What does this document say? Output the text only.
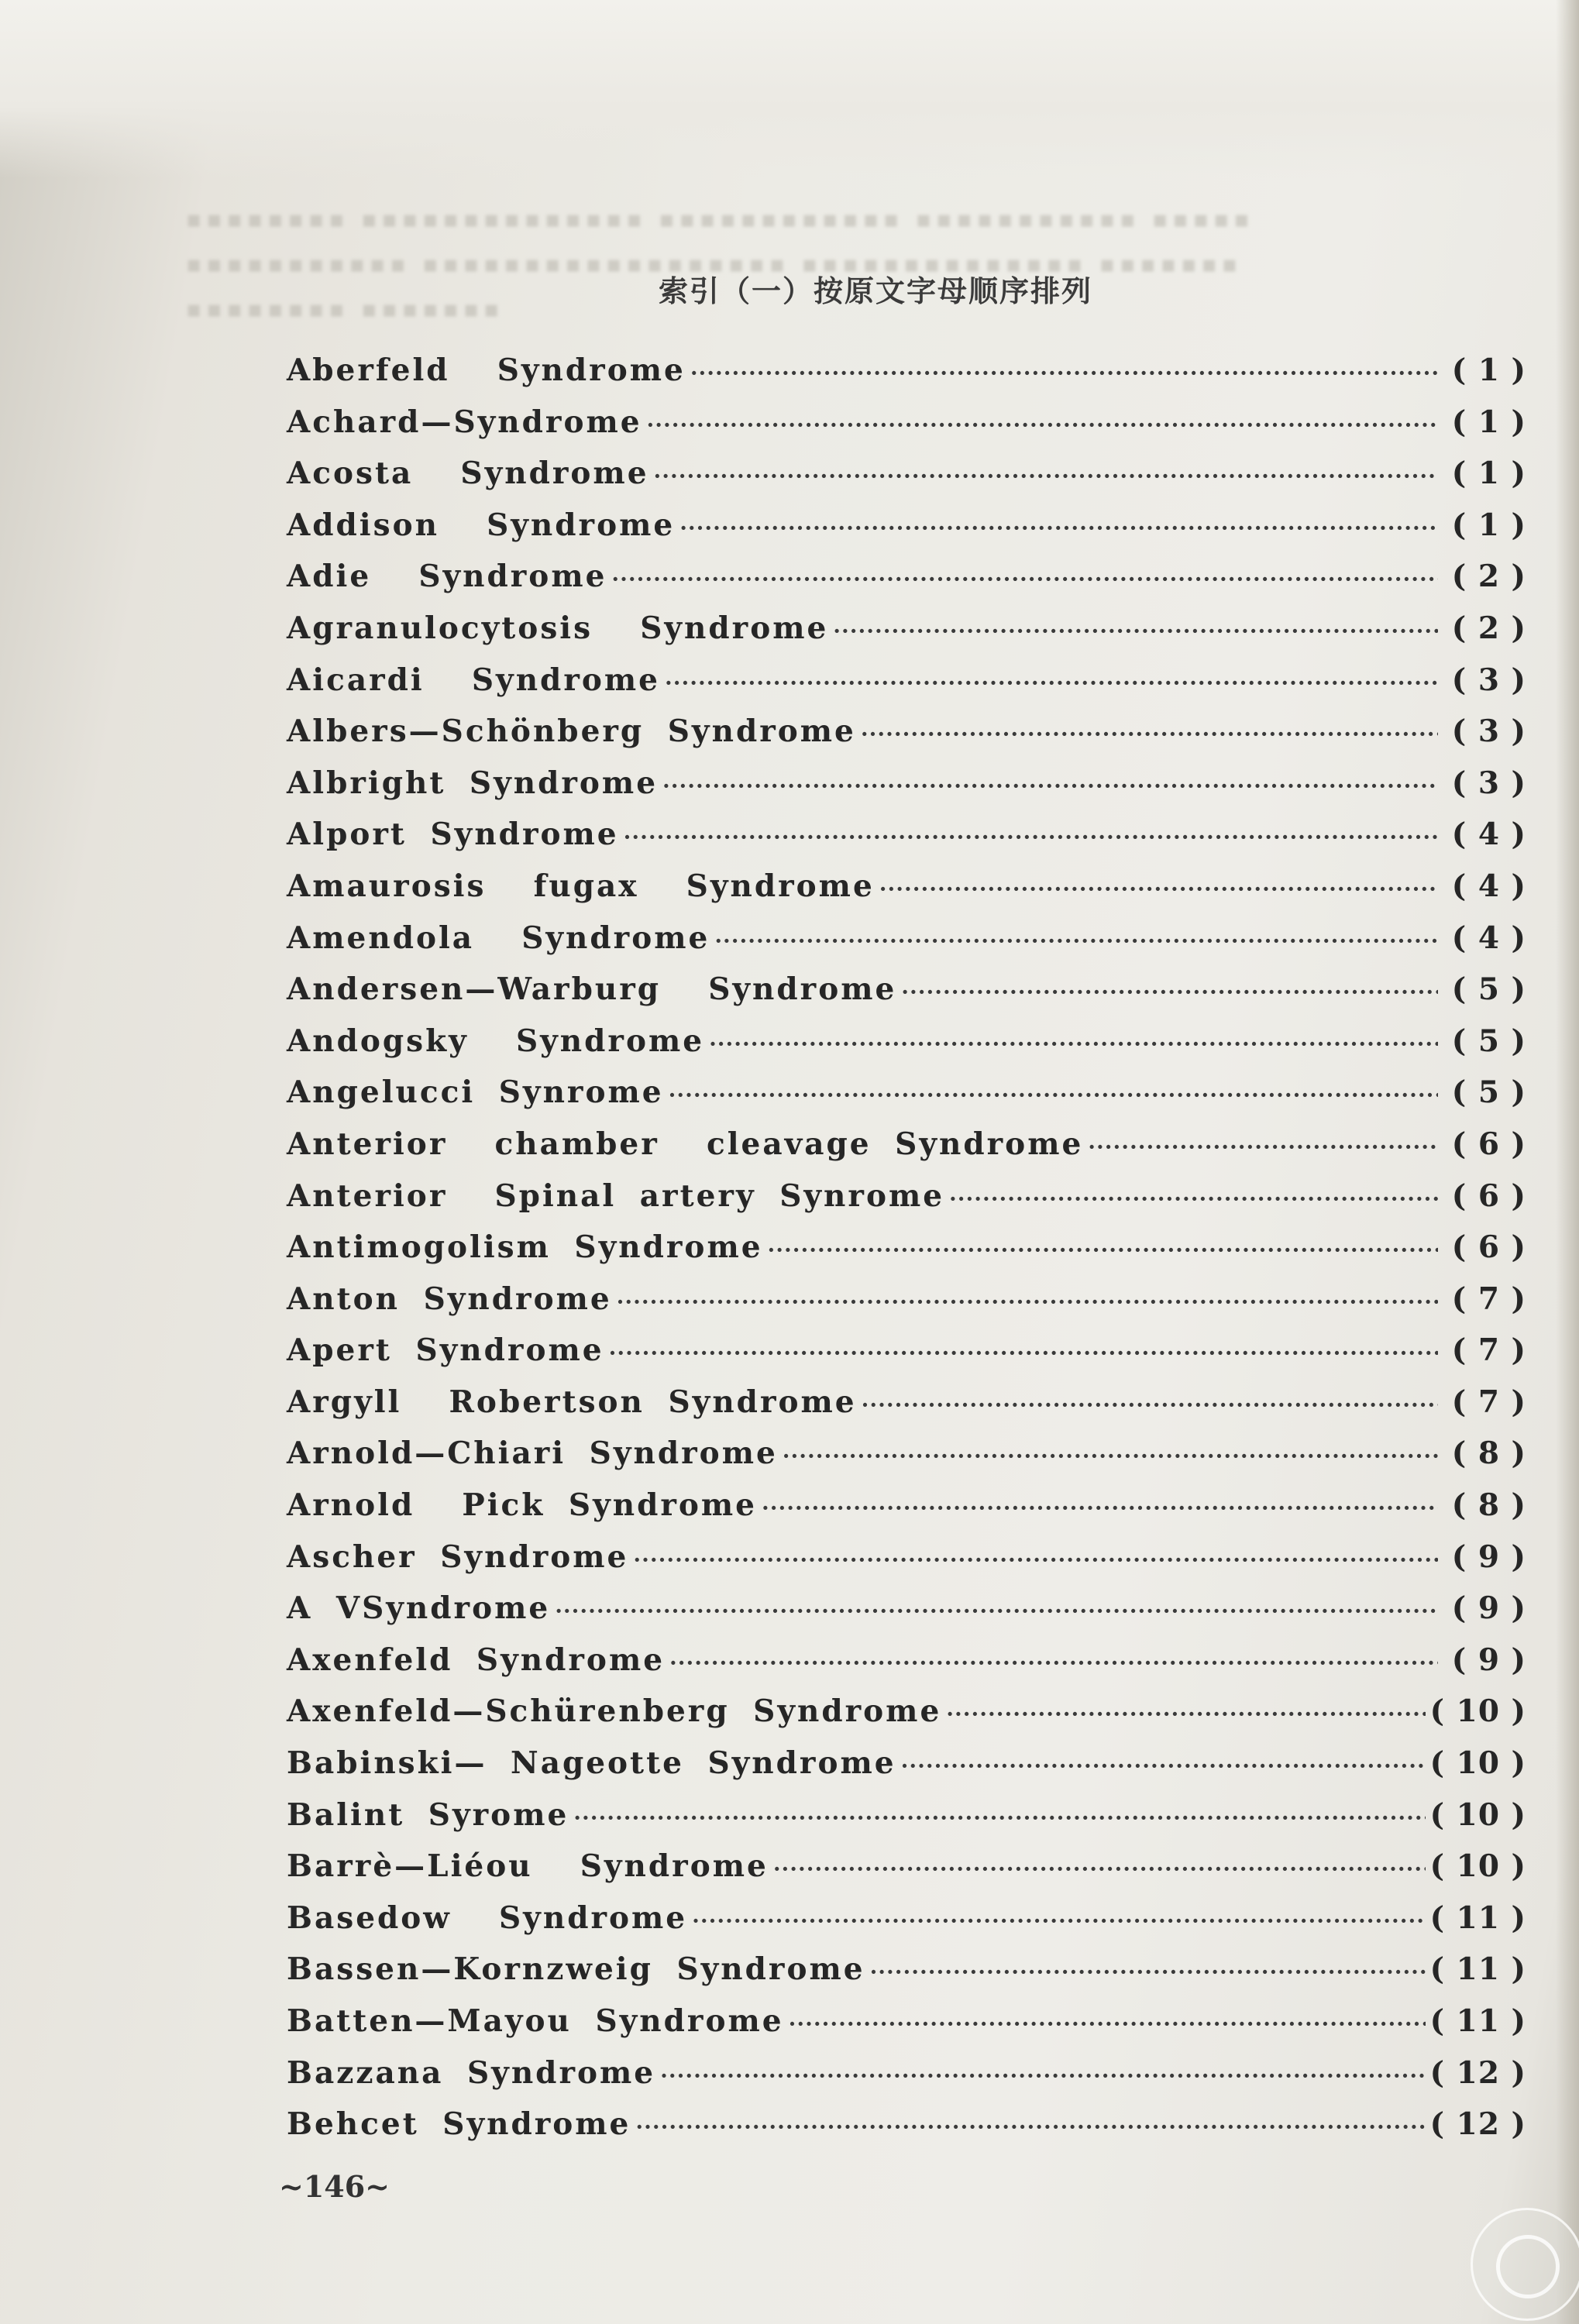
▪▪▪▪▪▪▪▪ ▪▪▪▪▪▪▪▪▪▪▪▪▪▪ ▪▪▪▪▪▪▪▪▪▪▪▪ ▪▪▪▪▪▪▪▪▪▪▪ ▪▪▪▪▪
▪▪▪▪▪▪▪▪▪▪▪ ▪▪▪▪▪▪▪▪▪▪▪▪▪▪▪▪▪▪ ▪▪▪▪▪▪▪▪▪▪▪▪▪▪ ▪▪▪▪▪▪▪
▪▪▪▪▪▪▪▪ ▪▪▪▪▪▪▪
索引（一）按原文字母顺序排列
Aberfeld  Syndrome ·····	( 1 )
Achard—Syndrome ·····	( 1 )
Acosta  Syndrome ·····	( 1 )
Addison  Syndrome ·····	( 1 )
Adie  Syndrome ·····	( 2 )
Agranulocytosis  Syndrome ·····	( 2 )
Aicardi  Syndrome ·····	( 3 )
Albers—Schönberg Syndrome ·····	( 3 )
Albright Syndrome ·····	( 3 )
Alport Syndrome ·····	( 4 )
Amaurosis  fugax  Syndrome ·····	( 4 )
Amendola  Syndrome ·····	( 4 )
Andersen—Warburg  Syndrome ·····	( 5 )
Andogsky  Syndrome ·····	( 5 )
Angelucci Synrome ·····	( 5 )
Anterior  chamber  cleavage Syndrome ·····	( 6 )
Anterior  Spinal artery Synrome ·····	( 6 )
Antimogolism Syndrome ·····	( 6 )
Anton Syndrome ·····	( 7 )
Apert Syndrome ·····	( 7 )
Argyll  Robertson Syndrome ·····	( 7 )
Arnold—Chiari Syndrome ·····	( 8 )
Arnold  Pick Syndrome ·····	( 8 )
Ascher Syndrome ·····	( 9 )
A VSyndrome ·····	( 9 )
Axenfeld Syndrome ·····	( 9 )
Axenfeld—Schürenberg Syndrome ·····	( 10 )
Babinski— Nageotte Syndrome ·····	( 10 )
Balint Syrome ·····	( 10 )
Barrè—Liéou  Syndrome ·····	( 10 )
Basedow  Syndrome ·····	( 11 )
Bassen—Kornzweig Syndrome ·····	( 11 )
Batten—Mayou Syndrome ·····	( 11 )
Bazzana Syndrome ·····	( 12 )
Behcet Syndrome ·····	( 12 )
~146~
